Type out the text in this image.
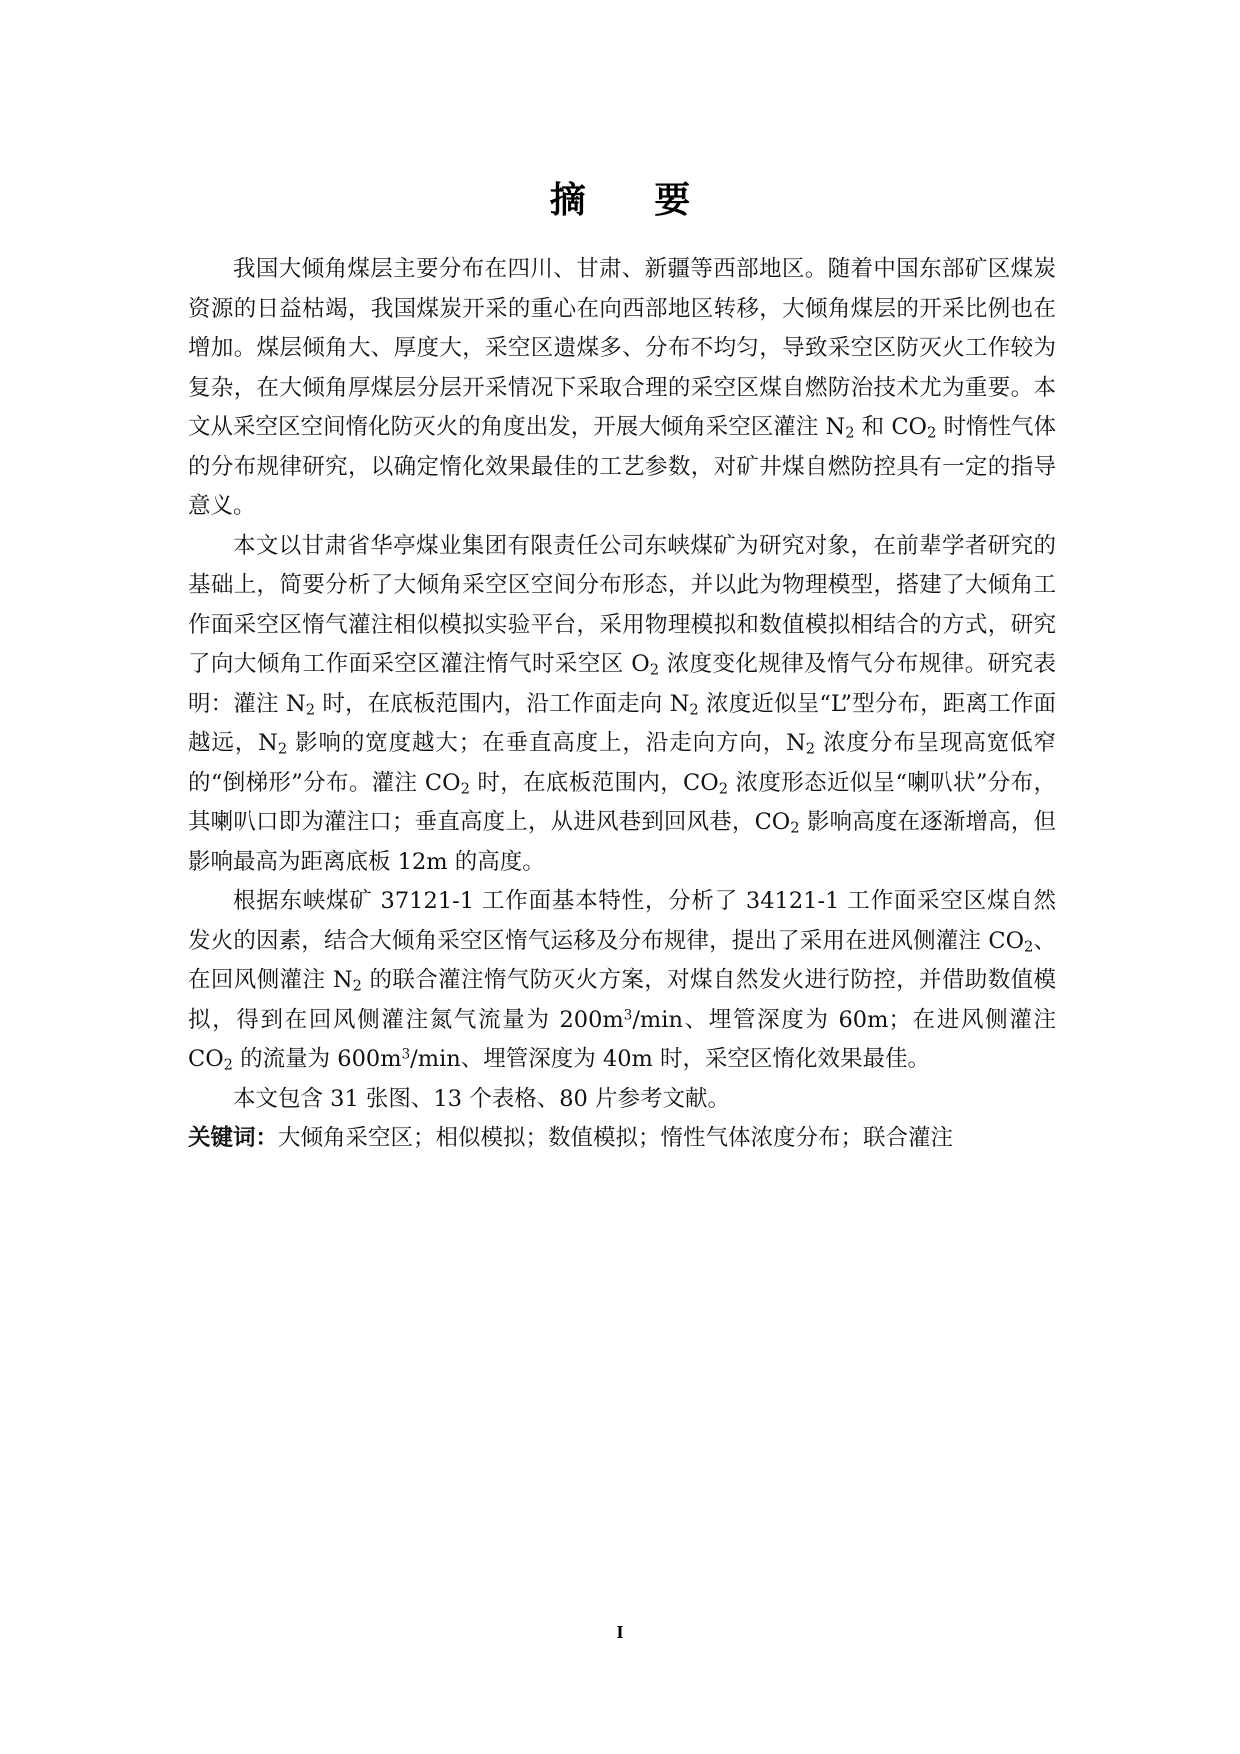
摘 要

我国大倾角煤层主要分布在四川、甘肃、新疆等西部地区。随着中国东部矿区煤炭资源的日益枯竭，我国煤炭开采的重心在向西部地区转移，大倾角煤层的开采比例也在增加。煤层倾角大、厚度大，采空区遗煤多、分布不均匀，导致采空区防灭火工作较为复杂，在大倾角厚煤层分层开采情况下采取合理的采空区煤自燃防治技术尤为重要。本文从采空区空间惰化防灭火的角度出发，开展大倾角采空区灌注 $N_2$ 和 $CO_2$ 时惰性气体的分布规律研究，以确定惰化效果最佳的工艺参数，对矿井煤自燃防控具有一定的指导意义。

本文以甘肃省华亭煤业集团有限责任公司东峡煤矿为研究对象，在前辈学者研究的基础上，简要分析了大倾角采空区空间分布形态，并以此为物理模型，搭建了大倾角工作面采空区惰气灌注相似模拟实验平台，采用物理模拟和数值模拟相结合的方式，研究了向大倾角工作面采空区灌注惰气时采空区 $O_2$ 浓度变化规律及惰气分布规律。研究表明：灌注 $N_2$ 时，在底板范围内，沿工作面走向 $N_2$ 浓度近似呈“L”型分布，距离工作面越远，$N_2$ 影响的宽度越大；在垂直高度上，沿走向方向，$N_2$ 浓度分布呈现高宽低窄的“倒梯形”分布。灌注 $CO_2$ 时，在底板范围内，$CO_2$ 浓度形态近似呈“喇叭状”分布，其喇叭口即为灌注口；垂直高度上，从进风巷到回风巷，$CO_2$ 影响高度在逐渐增高，但影响最高为距离底板 12m 的高度。

根据东峡煤矿 37121-1 工作面基本特性，分析了 34121-1 工作面采空区煤自然发火的因素，结合大倾角采空区惰气运移及分布规律，提出了采用在进风侧灌注 $CO_2$、在回风侧灌注 $N_2$ 的联合灌注惰气防灭火方案，对煤自然发火进行防控，并借助数值模拟，得到在回风侧灌注氮气流量为 $200m^3/\min$、埋管深度为 60m；在进风侧灌注 $CO_2$ 的流量为 $600m^3/\min$、埋管深度为 40m 时，采空区惰化效果最佳。

本文包含 31 张图、13 个表格、80 片参考文献。

关键词：大倾角采空区；相似模拟；数值模拟；惰性气体浓度分布；联合灌注

I
